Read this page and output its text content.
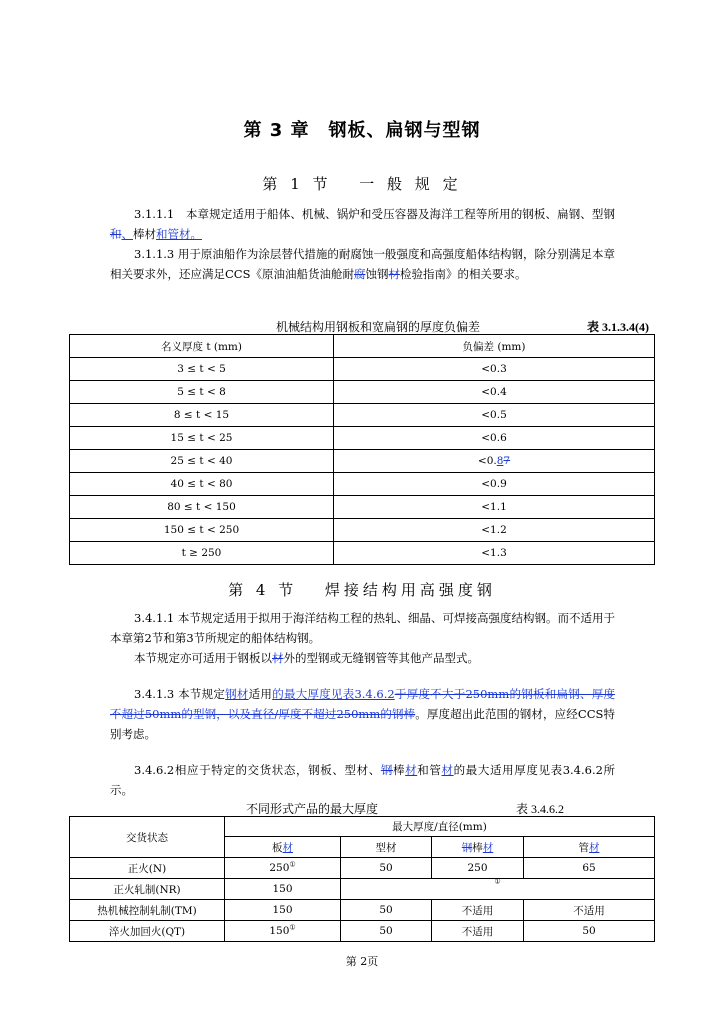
第 3 章　钢板、扁钢与型钢
第 1 节　 一 般 规 定
3.1.1.1　本章规定适用于船体、机械、锅炉和受压容器及海洋工程等所用的钢板、扁钢、型钢和、棒材和管材。
3.1.1.3 用于原油船作为涂层替代措施的耐腐蚀一般强度和高强度船体结构钢，除分别满足本章相关要求外，还应满足CCS《原油油船货油舱耐腐蚀钢材检验指南》的相关要求。
机械结构用钢板和宽扁钢的厚度负偏差	表 3.1.3.4(4)
名义厚度 t (mm)	负偏差 (mm)
3 ≤ t < 5	<0.3
5 ≤ t < 8	<0.4
8 ≤ t < 15	<0.5
15 ≤ t < 25	<0.6
25 ≤ t < 40	<0.87
40 ≤ t < 80	<0.9
80 ≤ t < 150	<1.1
150 ≤ t < 250	<1.2
t ≥ 250	<1.3
第 4 节　 焊接结构用高强度钢
3.4.1.1 本节规定适用于拟用于海洋结构工程的热轧、细晶、可焊接高强度结构钢。而不适用于本章第2节和第3节所规定的船体结构钢。
本节规定亦可适用于钢板以材外的型钢或无缝钢管等其他产品型式。
3.4.1.3 本节规定钢材适用的最大厚度见表3.4.6.2于厚度不大于250mm的钢板和扁钢、厚度不超过50mm的型钢，以及直径/厚度不超过250mm的钢棒。厚度超出此范围的钢材，应经CCS特别考虑。
3.4.6.2相应于特定的交货状态，钢板、型材、钢棒材和管材的最大适用厚度见表3.4.6.2所示。
不同形式产品的最大厚度	表 3.4.6.2
交货状态	最大厚度/直径(mm)			
	板材	型材	钢棒材	管材
正火(N)	250①	50	250	65
正火轧制(NR)	150	①
热机械控制轧制(TM)	150	50	不适用	不适用
淬火加回火(QT)	150①	50	不适用	50
第 2页
